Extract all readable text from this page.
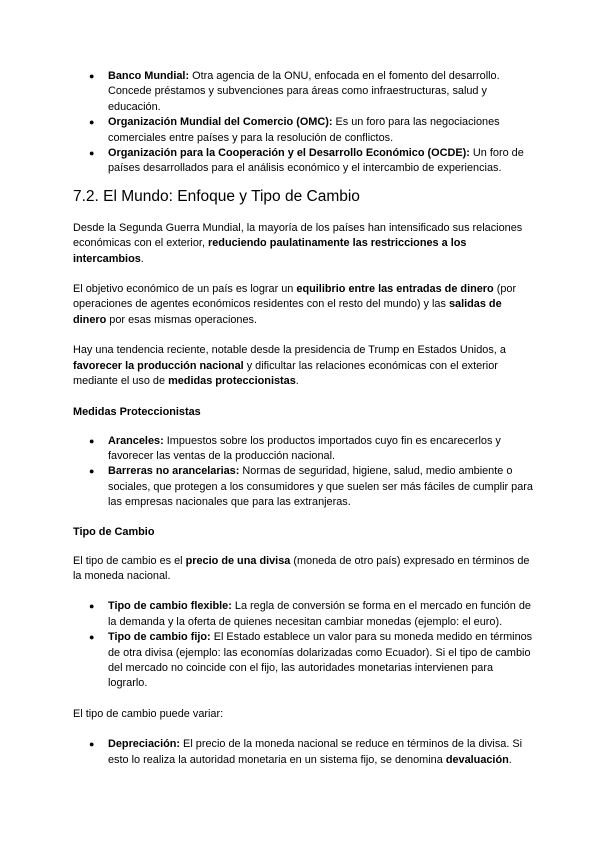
● Banco Mundial: Otra agencia de la ONU, enfocada en el fomento del desarrollo. Concede préstamos y subvenciones para áreas como infraestructuras, salud y educación.
● Organización Mundial del Comercio (OMC): Es un foro para las negociaciones comerciales entre países y para la resolución de conflictos.
● Organización para la Cooperación y el Desarrollo Económico (OCDE): Un foro de países desarrollados para el análisis económico y el intercambio de experiencias.
7.2. El Mundo: Enfoque y Tipo de Cambio

Desde la Segunda Guerra Mundial, la mayoría de los países han intensificado sus relaciones económicas con el exterior, reduciendo paulatinamente las restricciones a los intercambios.

El objetivo económico de un país es lograr un equilibrio entre las entradas de dinero (por operaciones de agentes económicos residentes con el resto del mundo) y las salidas de dinero por esas mismas operaciones.

Hay una tendencia reciente, notable desde la presidencia de Trump en Estados Unidos, a favorecer la producción nacional y dificultar las relaciones económicas con el exterior mediante el uso de medidas proteccionistas.

Medidas Proteccionistas
● Aranceles: Impuestos sobre los productos importados cuyo fin es encarecerlos y favorecer las ventas de la producción nacional.
● Barreras no arancelarias: Normas de seguridad, higiene, salud, medio ambiente o sociales, que protegen a los consumidores y que suelen ser más fáciles de cumplir para las empresas nacionales que para las extranjeras.
Tipo de Cambio

El tipo de cambio es el precio de una divisa (moneda de otro país) expresado en términos de la moneda nacional.

● Tipo de cambio flexible: La regla de conversión se forma en el mercado en función de la demanda y la oferta de quienes necesitan cambiar monedas (ejemplo: el euro).
● Tipo de cambio fijo: El Estado establece un valor para su moneda medido en términos de otra divisa (ejemplo: las economías dolarizadas como Ecuador). Si el tipo de cambio del mercado no coincide con el fijo, las autoridades monetarias intervienen para lograrlo.

El tipo de cambio puede variar:

● Depreciación: El precio de la moneda nacional se reduce en términos de la divisa. Si esto lo realiza la autoridad monetaria en un sistema fijo, se denomina devaluación.
